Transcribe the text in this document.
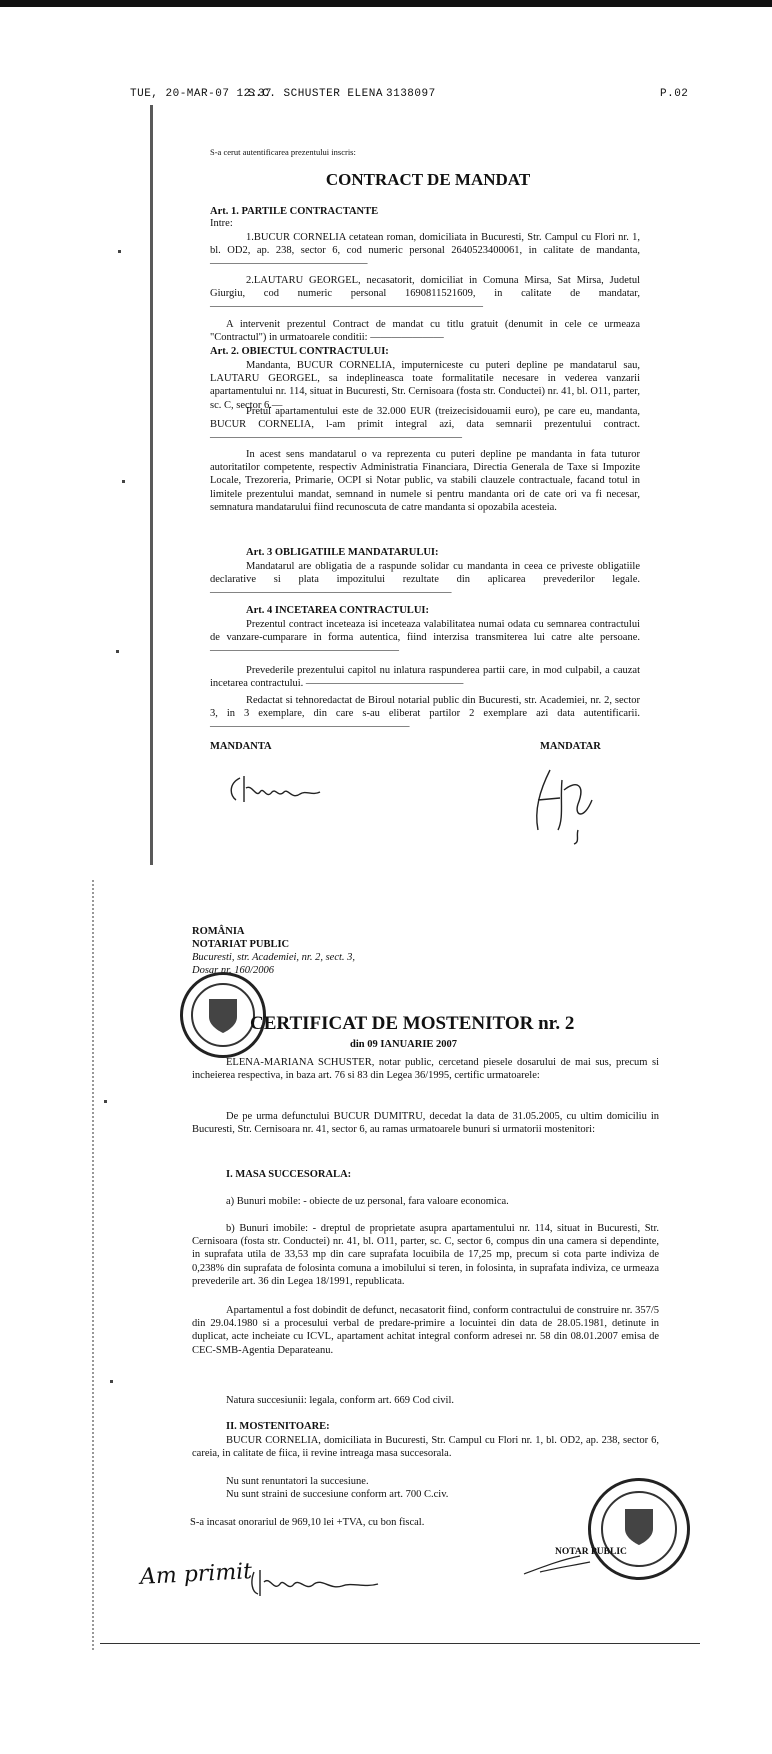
TUE, 20-MAR-07 12:37
S.C. SCHUSTER ELENA 3138097	P.02
S-a cerut autentificarea prezentului inscris:
CONTRACT DE MANDAT
Art. 1. PARTILE CONTRACTANTE
Intre:
1.BUCUR CORNELIA cetatean roman, domiciliata in Bucuresti, Str. Campul cu Flori nr. 1, bl. OD2, ap. 238, sector 6, cod numeric personal 2640523400061, in calitate de mandanta, ———————————————
2.LAUTARU GEORGEL, necasatorit, domiciliat in Comuna Mirsa, Sat Mirsa, Judetul Giurgiu, cod numeric personal 1690811521609, in calitate de mandatar, ——————————————————————————
A intervenit prezentul Contract de mandat cu titlu gratuit (denumit in cele ce urmeaza "Contractul") in urmatoarele conditii: ———————
Art. 2. OBIECTUL CONTRACTULUI:
Mandanta, BUCUR CORNELIA, imputerniceste cu puteri depline pe mandatarul sau, LAUTARU GEORGEL, sa indeplineasca toate formalitatile necesare in vederea vanzarii apartamentului nr. 114, situat in Bucuresti, Str. Cernisoara (fosta str. Conductei) nr. 41, bl. O11, parter, sc. C, sector 6.—
Pretul apartamentului este de 32.000 EUR (treizecisidouamii euro), pe care eu, mandanta, BUCUR CORNELIA, l-am primit integral azi, data semnarii prezentului contract. ————————————————————————
In acest sens mandatarul o va reprezenta cu puteri depline pe mandanta in fata tuturor autoritatilor competente, respectiv Administratia Financiara, Directia Generala de Taxe si Impozite Locale, Trezoreria, Primarie, OCPI si Notar public, va stabili clauzele contractuale, facand totul in limitele prezentului mandat, semnand in numele si pentru mandanta ori de cate ori va fi necesar, semnatura mandatarului fiind recunoscuta de catre mandanta si opozabila acesteia.
Art. 3 OBLIGATIILE MANDATARULUI:
Mandatarul are obligatia de a raspunde solidar cu mandanta in ceea ce priveste obligatiile declarative si plata impozitului rezultate din aplicarea prevederilor legale. ———————————————————————
Art. 4 INCETAREA CONTRACTULUI:
Prezentul contract inceteaza isi inceteaza valabilitatea numai odata cu semnarea contractului de vanzare-cumparare in forma autentica, fiind interzisa transmiterea lui catre alte persoane. ——————————————————
Prevederile prezentului capitol nu inlatura raspunderea partii care, in mod culpabil, a cauzat incetarea contractului. ———————————————
Redactat si tehnoredactat de Biroul notarial public din Bucuresti, str. Academiei, nr. 2, sector 3, in 3 exemplare, din care s-au eliberat partilor 2 exemplare azi data autentificarii. ———————————————————
MANDANTA	MANDATAR
ROMÂNIA
NOTARIAT PUBLIC
Bucuresti, str. Academiei, nr. 2, sect. 3,
Dosar nr. 160/2006
CERTIFICAT DE MOSTENITOR nr. 2
din 09 IANUARIE 2007
ELENA-MARIANA SCHUSTER, notar public, cercetand piesele dosarului de mai sus, precum si incheierea respectiva, in baza art. 76 si 83 din Legea 36/1995, certific urmatoarele:
De pe urma defunctului BUCUR DUMITRU, decedat la data de 31.05.2005, cu ultim domiciliu in Bucuresti, Str. Cernisoara nr. 41, sector 6, au ramas urmatoarele bunuri si urmatorii mostenitori:
I. MASA SUCCESORALA:
a) Bunuri mobile: - obiecte de uz personal, fara valoare economica.
b) Bunuri imobile: - dreptul de proprietate asupra apartamentului nr. 114, situat in Bucuresti, Str. Cernisoara (fosta str. Conductei) nr. 41, bl. O11, parter, sc. C, sector 6, compus din una camera si dependinte, in suprafata utila de 33,53 mp din care suprafata locuibila de 17,25 mp, precum si cota parte indiviza de 0,238% din suprafata de folosinta comuna a imobilului si teren, in folosinta, in suprafata indiviza, ce urmeaza prevederile art. 36 din Legea 18/1991, republicata.
Apartamentul a fost dobindit de defunct, necasatorit fiind, conform contractului de construire nr. 357/5 din 29.04.1980 si a procesului verbal de predare-primire a locuintei din data de 28.05.1981, detinute in duplicat, acte incheiate cu ICVL, apartament achitat integral conform adresei nr. 58 din 08.01.2007 emisa de CEC-SMB-Agentia Deparateanu.
Natura succesiunii: legala, conform art. 669 Cod civil.
II. MOSTENITOARE:
BUCUR CORNELIA, domiciliata in Bucuresti, Str. Campul cu Flori nr. 1, bl. OD2, ap. 238, sector 6, careia, in calitate de fiica, ii revine intreaga masa succesorala.
Nu sunt renuntatori la succesiune.
Nu sunt straini de succesiune conform art. 700 C.civ.
S-a incasat onorariul de 969,10 lei +TVA, cu bon fiscal.
NOTAR PUBLIC
Am primit
